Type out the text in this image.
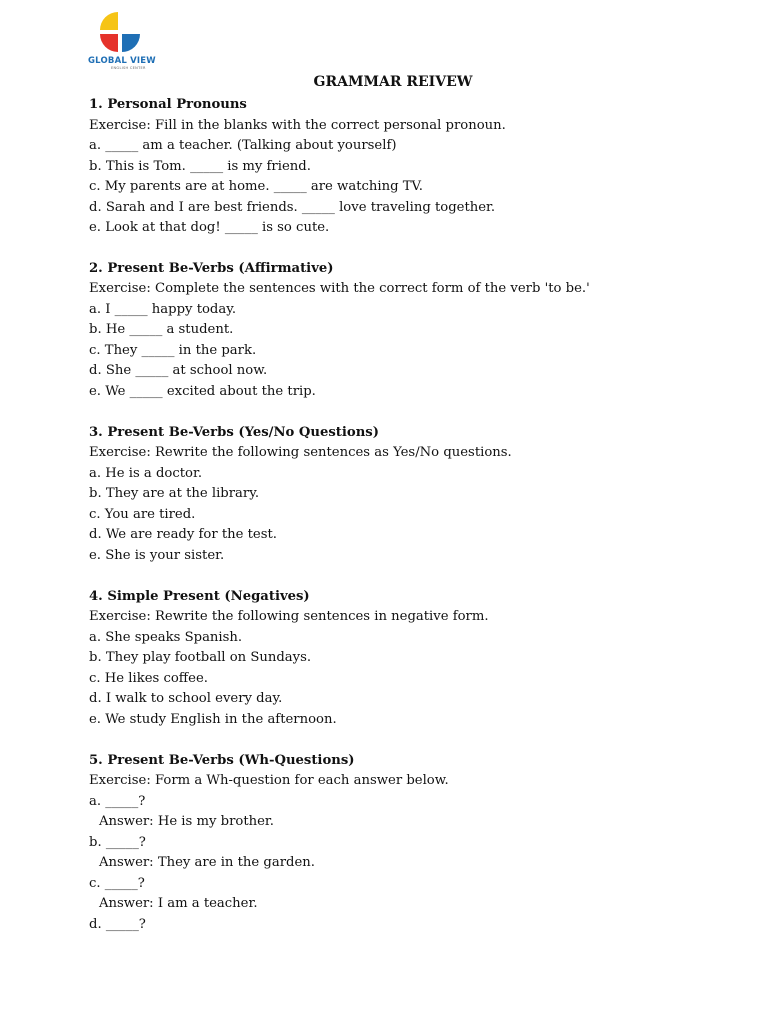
GLOBAL VIEW
ENGLISH CENTER
GRAMMAR REIVEW
1. Personal Pronouns
Exercise: Fill in the blanks with the correct personal pronoun.
a. _____ am a teacher. (Talking about yourself)
b. This is Tom. _____ is my friend.
c. My parents are at home. _____ are watching TV.
d. Sarah and I are best friends. _____ love traveling together.
e. Look at that dog! _____ is so cute.
2. Present Be-Verbs (Affirmative)
Exercise: Complete the sentences with the correct form of the verb 'to be.'
a. I _____ happy today.
b. He _____ a student.
c. They _____ in the park.
d. She _____ at school now.
e. We _____ excited about the trip.
3. Present Be-Verbs (Yes/No Questions)
Exercise: Rewrite the following sentences as Yes/No questions.
a. He is a doctor.
b. They are at the library.
c. You are tired.
d. We are ready for the test.
e. She is your sister.
4. Simple Present (Negatives)
Exercise: Rewrite the following sentences in negative form.
a. She speaks Spanish.
b. They play football on Sundays.
c. He likes coffee.
d. I walk to school every day.
e. We study English in the afternoon.
5. Present Be-Verbs (Wh-Questions)
Exercise: Form a Wh-question for each answer below.
a. _____?
Answer: He is my brother.
b. _____?
Answer: They are in the garden.
c. _____?
Answer: I am a teacher.
d. _____?
